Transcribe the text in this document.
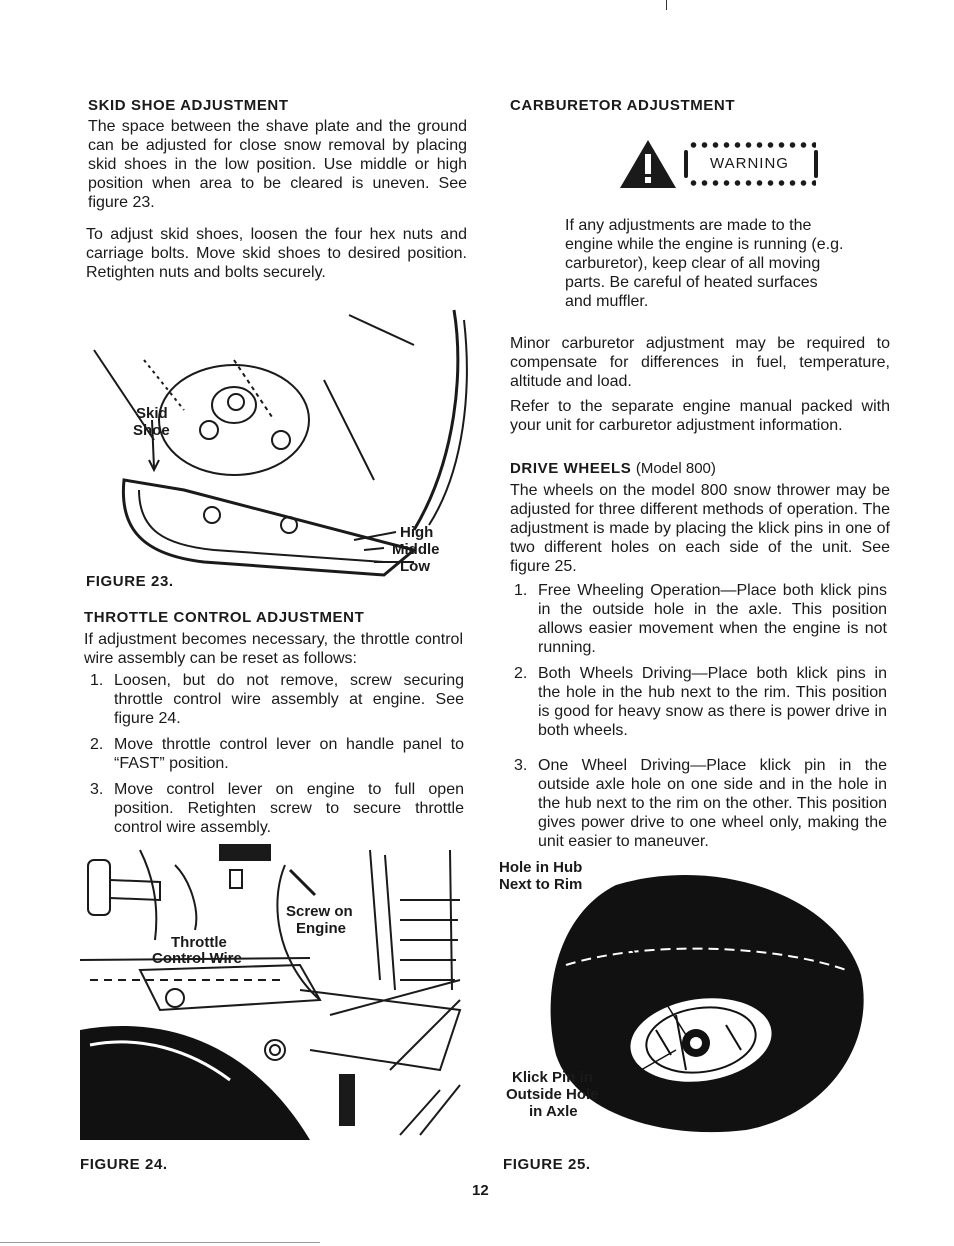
SKID SHOE ADJUSTMENT

The space between the shave plate and the ground can be adjusted for close snow removal by placing skid shoes in the low position. Use middle or high position when area to be cleared is uneven. See figure 23.

To adjust skid shoes, loosen the four hex nuts and carriage bolts. Move skid shoes to desired position. Retighten nuts and bolts securely.

Skid
Shoe
High
Middle
Low
FIGURE 23.
THROTTLE CONTROL ADJUSTMENT

If adjustment becomes necessary, the throttle control wire assembly can be reset as follows:

1. Loosen, but do not remove, screw securing throttle control wire assembly at engine. See figure 24.
2. Move throttle control lever on handle panel to “FAST” position.
3. Move control lever on engine to full open position. Retighten screw to secure throttle control wire assembly.
Screw on
Engine
Throttle
Control Wire
FIGURE 24.
CARBURETOR ADJUSTMENT
WARNING

If any adjustments are made to the engine while the engine is running (e.g. carburetor), keep clear of all moving parts. Be careful of heated surfaces and muffler.

Minor carburetor adjustment may be required to compensate for differences in fuel, temperature, altitude and load.

Refer to the separate engine manual packed with your unit for carburetor adjustment information.

DRIVE WHEELS (Model 800)

The wheels on the model 800 snow thrower may be adjusted for three different methods of operation. The adjustment is made by placing the klick pins in one of two different holes on each side of the unit. See figure 25.

1. Free Wheeling Operation—Place both klick pins in the outside hole in the axle. This position allows easier movement when the engine is not running.
2. Both Wheels Driving—Place both klick pins in the hole in the hub next to the rim. This position is good for heavy snow as there is power drive in both wheels.
3. One Wheel Driving—Place klick pin in the outside axle hole on one side and in the hole in the hub next to the rim on the other. This position gives power drive to one wheel only, making the unit easier to maneuver.
Hole in Hub
Next to Rim
Klick Pin in
Outside Hole
in Axle
FIGURE 25.
12
